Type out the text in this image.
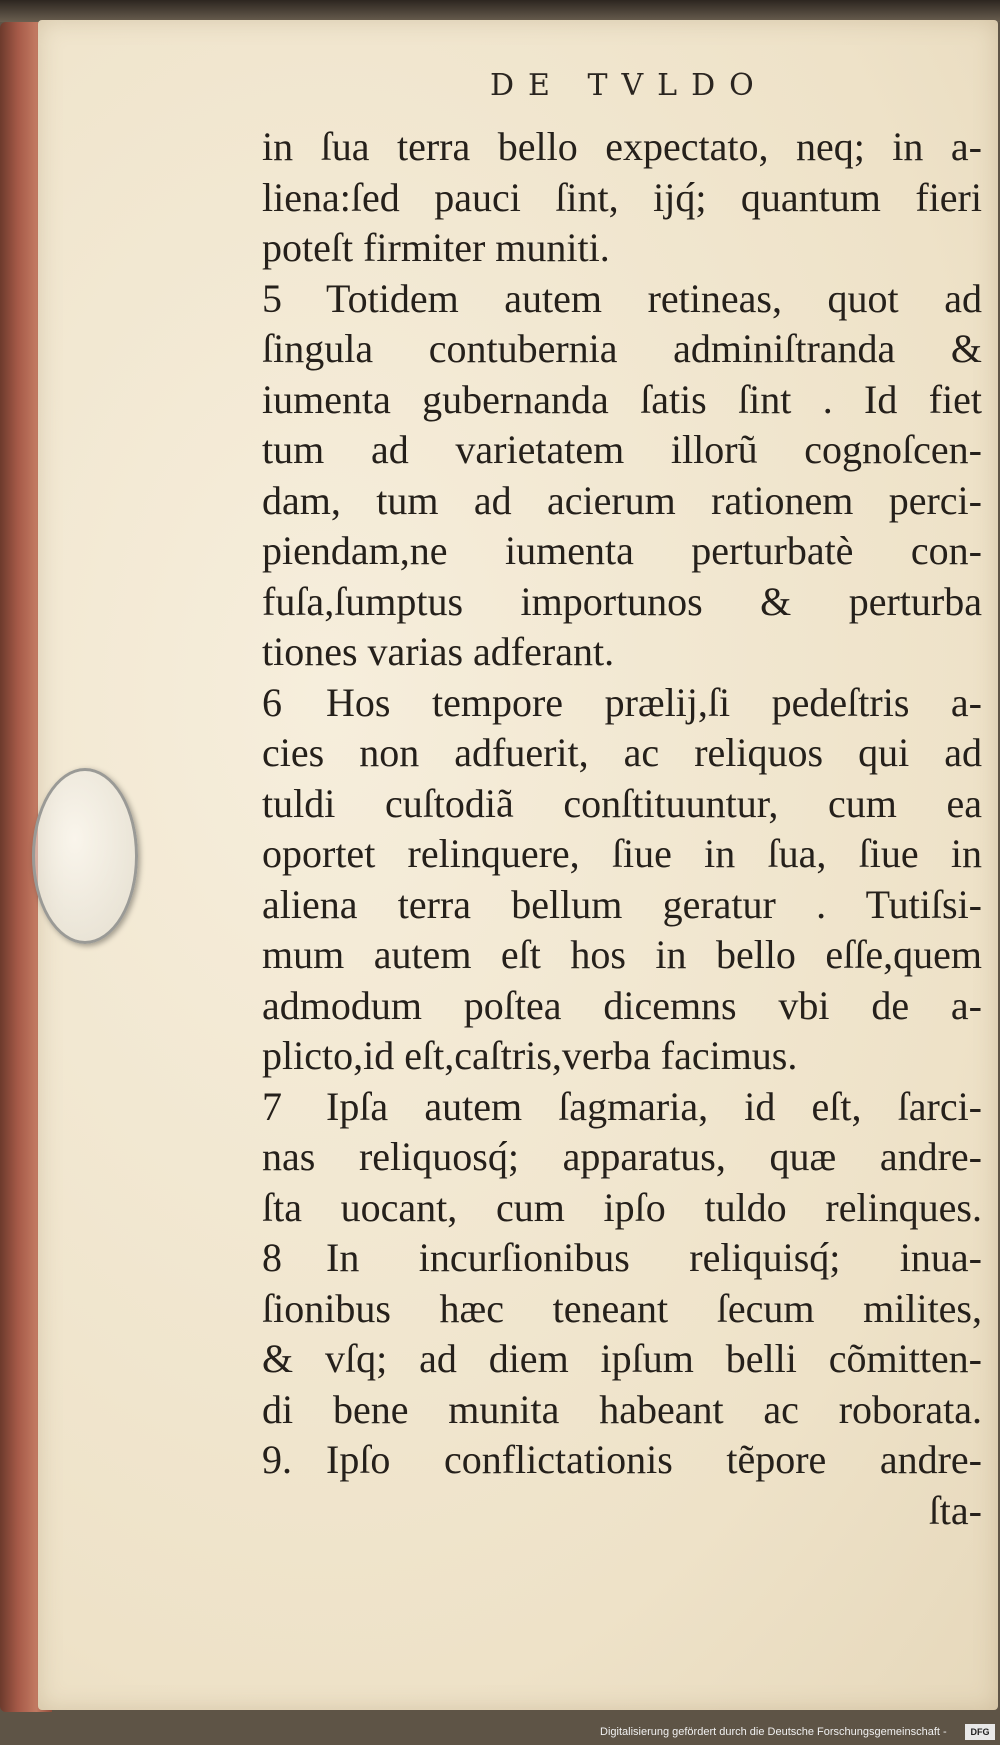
DE TVLDO
in ſua terra bello expectato, neq; in a-
liena:ſed pauci ſint, ijq́; quantum fieri
poteſt firmiter muniti.
5 Totidem autem retineas, quot ad
ſingula contubernia adminiſtranda &
iumenta gubernanda ſatis ſint . Id fiet
tum ad varietatem illorũ cognoſcen-
dam, tum ad acierum rationem perci-
piendam,ne iumenta perturbatè con-
fuſa,ſumptus importunos & perturba
tiones varias adferant.
6 Hos tempore prælij,ſi pedeſtris a-
cies non adfuerit, ac reliquos qui ad
tuldi cuſtodiã conſtituuntur, cum ea
oportet relinquere, ſiue in ſua, ſiue in
aliena terra bellum geratur . Tutiſsi-
mum autem eſt hos in bello eſſe,quem
admodum poſtea dicemns vbi de a-
plicto,id eſt,caſtris,verba facimus.
7 Ipſa autem ſagmaria, id eſt, ſarci-
nas reliquosq́; apparatus, quæ andre-
ſta uocant, cum ipſo tuldo relinques.
8 In incurſionibus reliquisq́; inua-
ſionibus hæc teneant ſecum milites,
& vſq; ad diem ipſum belli cõmitten-
di bene munita habeant ac roborata.
9. Ipſo conflictationis tẽpore andre-
ſta-
Digitalisierung gefördert durch die Deutsche Forschungsgemeinschaft -	DFG
